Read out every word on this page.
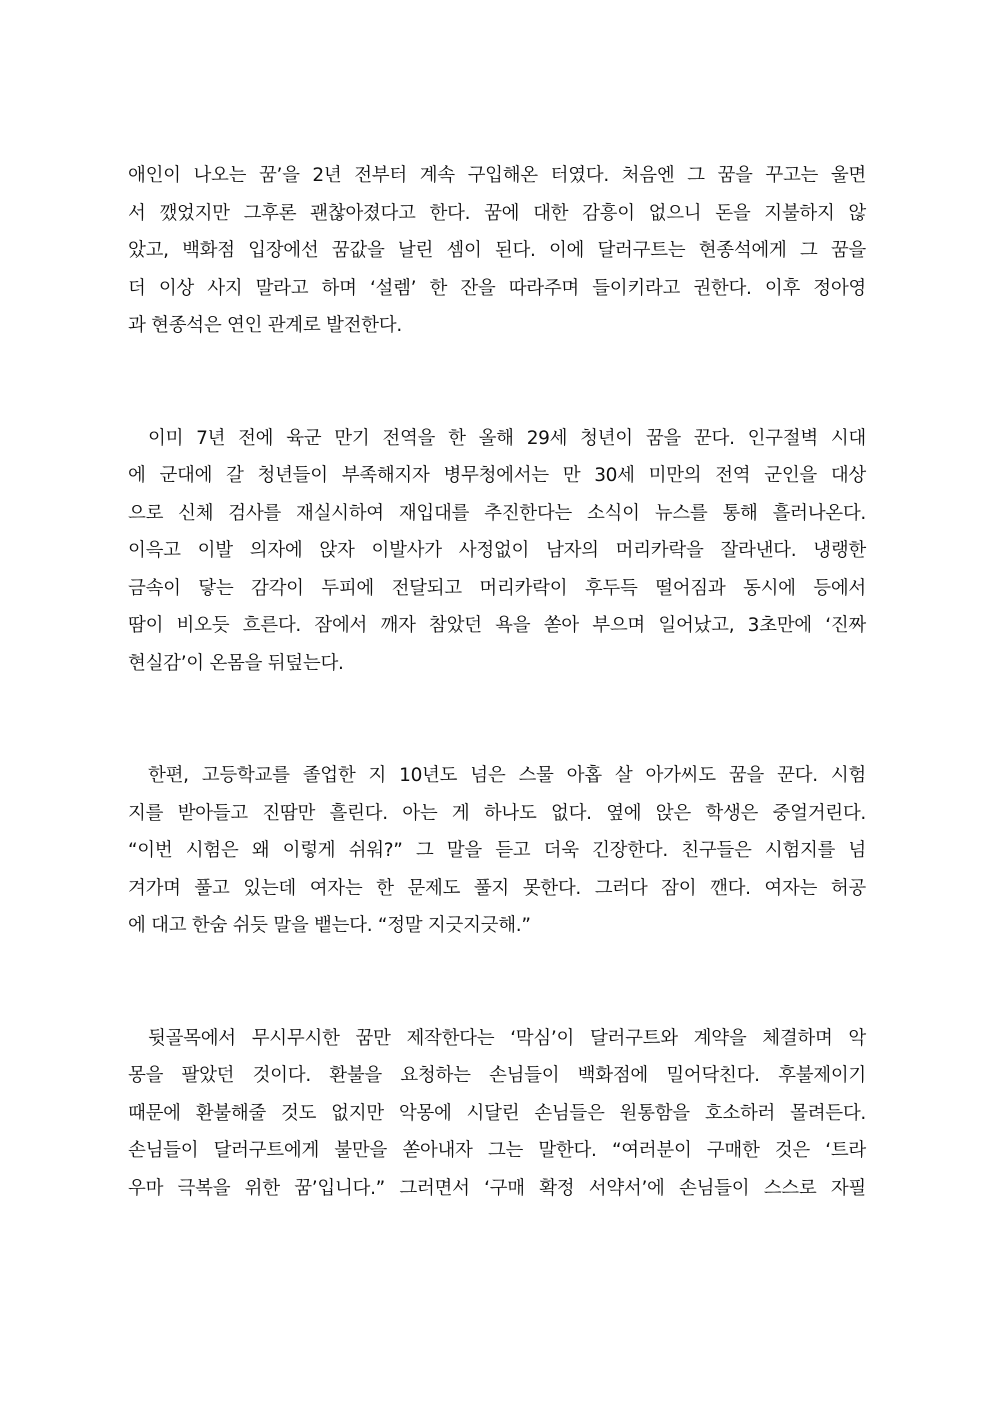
애인이 나오는 꿈’을 2년 전부터 계속 구입해온 터였다. 처음엔 그 꿈을 꾸고는 울면
서 깼었지만 그후론 괜찮아졌다고 한다. 꿈에 대한 감흥이 없으니 돈을 지불하지 않
았고, 백화점 입장에선 꿈값을 날린 셈이 된다. 이에 달러구트는 현종석에게 그 꿈을
더 이상 사지 말라고 하며 ‘설렘’ 한 잔을 따라주며 들이키라고 권한다. 이후 정아영
과 현종석은 연인 관계로 발전한다.

이미 7년 전에 육군 만기 전역을 한 올해 29세 청년이 꿈을 꾼다. 인구절벽 시대
에 군대에 갈 청년들이 부족해지자 병무청에서는 만 30세 미만의 전역 군인을 대상
으로 신체 검사를 재실시하여 재입대를 추진한다는 소식이 뉴스를 통해 흘러나온다.
이윽고 이발 의자에 앉자 이발사가 사정없이 남자의 머리카락을 잘라낸다. 냉랭한
금속이 닿는 감각이 두피에 전달되고 머리카락이 후두득 떨어짐과 동시에 등에서
땀이 비오듯 흐른다. 잠에서 깨자 참았던 욕을 쏟아 부으며 일어났고, 3초만에 ‘진짜
현실감’이 온몸을 뒤덮는다.

한편, 고등학교를 졸업한 지 10년도 넘은 스물 아홉 살 아가씨도 꿈을 꾼다. 시험
지를 받아들고 진땀만 흘린다. 아는 게 하나도 없다. 옆에 앉은 학생은 중얼거린다.
“이번 시험은 왜 이렇게 쉬워?” 그 말을 듣고 더욱 긴장한다. 친구들은 시험지를 넘
겨가며 풀고 있는데 여자는 한 문제도 풀지 못한다. 그러다 잠이 깬다. 여자는 허공
에 대고 한숨 쉬듯 말을 뱉는다. “정말 지긋지긋해.”

뒷골목에서 무시무시한 꿈만 제작한다는 ‘막심’이 달러구트와 계약을 체결하며 악
몽을 팔았던 것이다. 환불을 요청하는 손님들이 백화점에 밀어닥친다. 후불제이기
때문에 환불해줄 것도 없지만 악몽에 시달린 손님들은 원통함을 호소하러 몰려든다.
손님들이 달러구트에게 불만을 쏟아내자 그는 말한다. “여러분이 구매한 것은 ‘트라
우마 극복을 위한 꿈’입니다.” 그러면서 ‘구매 확정 서약서’에 손님들이 스스로 자필
